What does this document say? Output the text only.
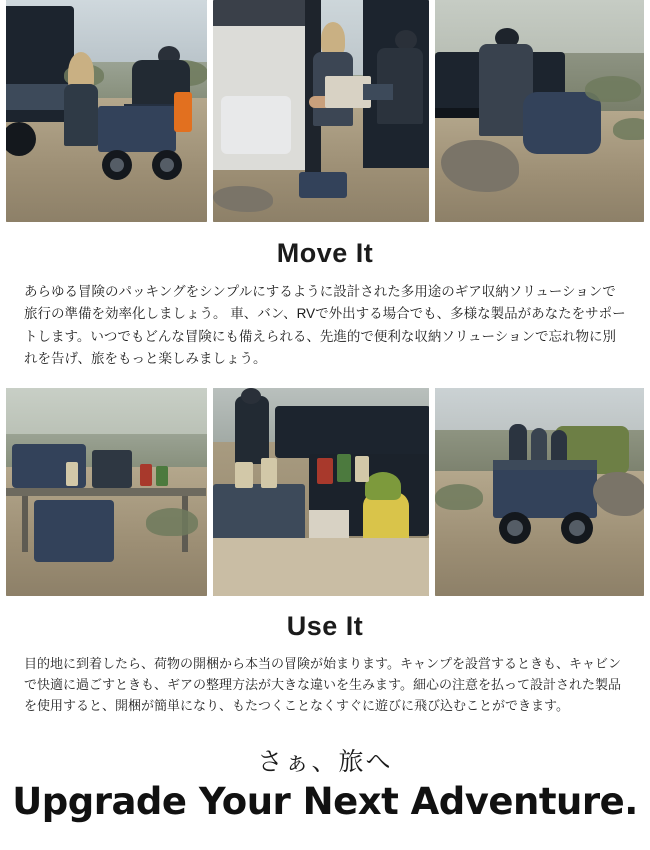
Move It
あらゆる冒険のパッキングをシンプルにするように設計された多用途のギア収納ソリューションで旅行の準備を効率化しましょう。 車、バン、RVで外出する場合でも、多様な製品があなたをサポートします。いつでもどんな冒険にも備えられる、先進的で便利な収納ソリューションで忘れ物に別れを告げ、旅をもっと楽しみましょう。
Use It
目的地に到着したら、荷物の開梱から本当の冒険が始まります。キャンプを設営するときも、キャビンで快適に過ごすときも、ギアの整理方法が大きな違いを生みます。細心の注意を払って設計された製品を使用すると、開梱が簡単になり、もたつくことなくすぐに遊びに飛び込むことができます。
さぁ、旅へ
Upgrade Your Next Adventure.
